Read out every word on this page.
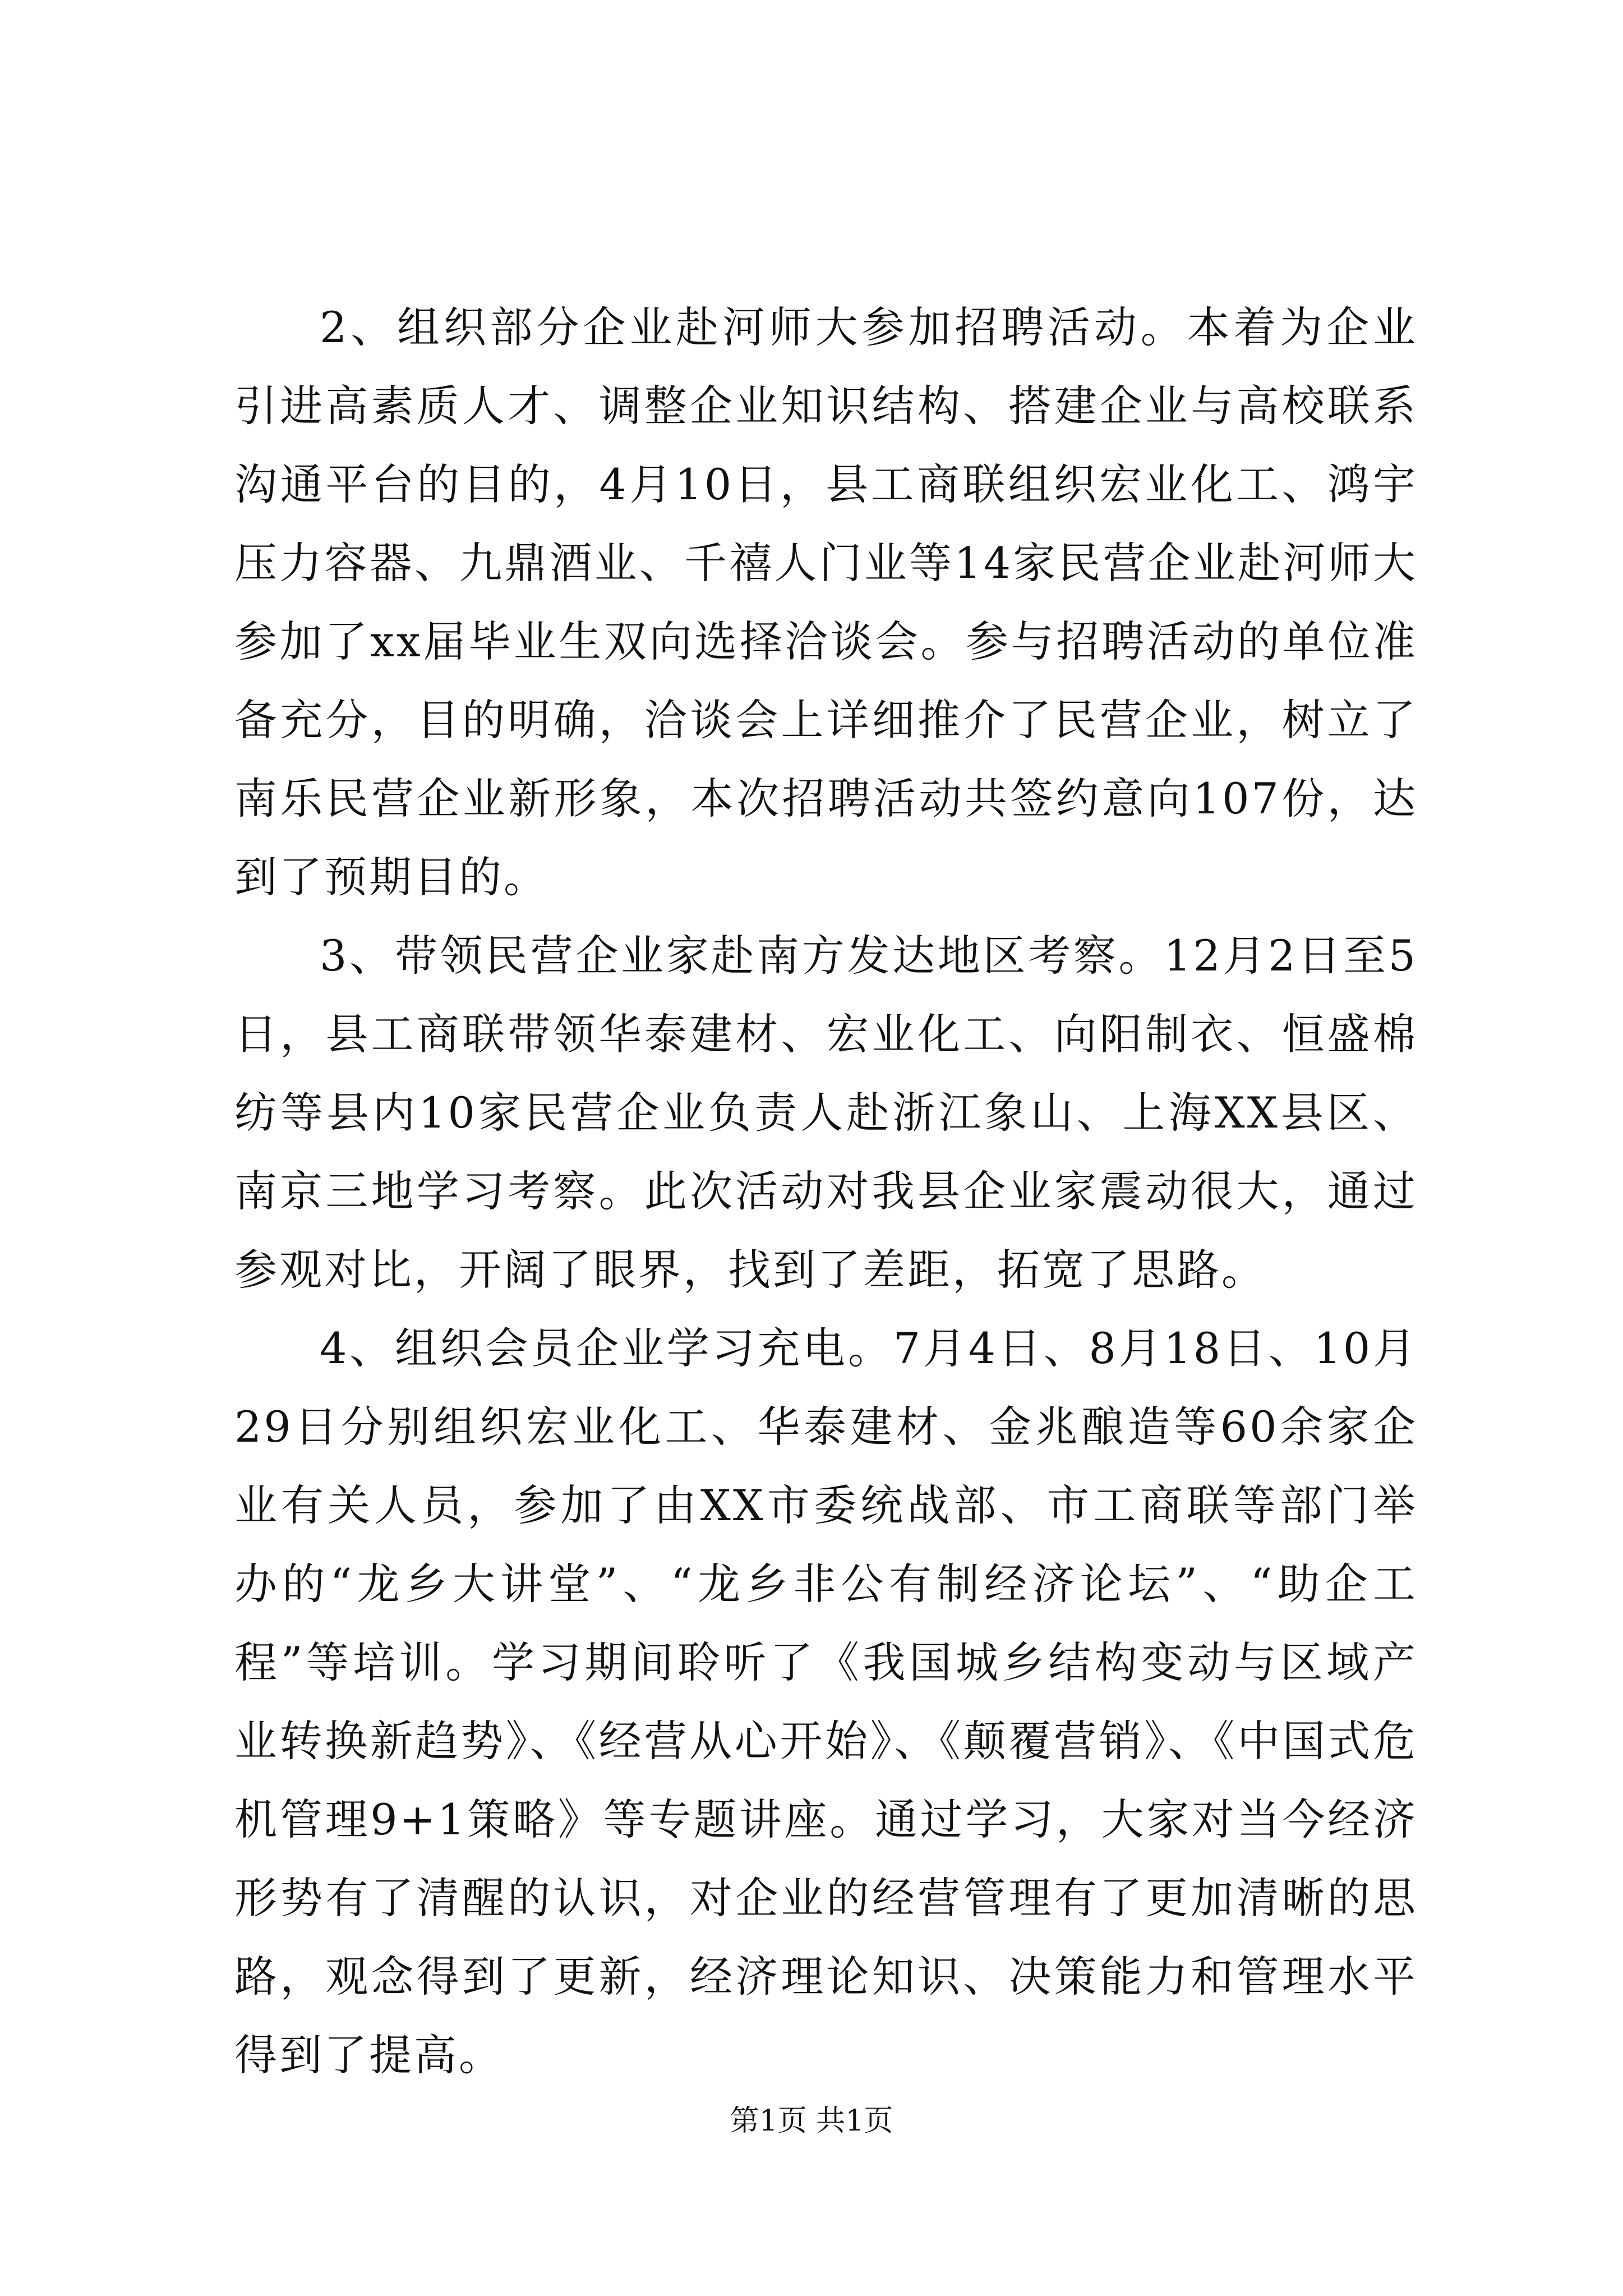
2、组织部分企业赴河师大参加招聘活动。本着为企业引进高素质人才、调整企业知识结构、搭建企业与高校联系沟通平台的目的，4月10日，县工商联组织宏业化工、鸿宇压力容器、九鼎酒业、千禧人门业等14家民营企业赴河师大参加了xx届毕业生双向选择洽谈会。参与招聘活动的单位准备充分，目的明确，洽谈会上详细推介了民营企业，树立了南乐民营企业新形象，本次招聘活动共签约意向107份，达到了预期目的。

3、带领民营企业家赴南方发达地区考察。12月2日至5日，县工商联带领华泰建材、宏业化工、向阳制衣、恒盛棉纺等县内10家民营企业负责人赴浙江象山、上海XX县区、南京三地学习考察。此次活动对我县企业家震动很大，通过参观对比，开阔了眼界，找到了差距，拓宽了思路。

4、组织会员企业学习充电。7月4日、8月18日、10月29日分别组织宏业化工、华泰建材、金兆酿造等60余家企业有关人员，参加了由XX市委统战部、市工商联等部门举办的“龙乡大讲堂”、“龙乡非公有制经济论坛”、“助企工程”等培训。学习期间聆听了《我国城乡结构变动与区域产业转换新趋势》、《经营从心开始》、《颠覆营销》、《中国式危机管理9+1策略》等专题讲座。通过学习，大家对当今经济形势有了清醒的认识，对企业的经营管理有了更加清晰的思路，观念得到了更新，经济理论知识、决策能力和管理水平得到了提高。

第1页 共1页
